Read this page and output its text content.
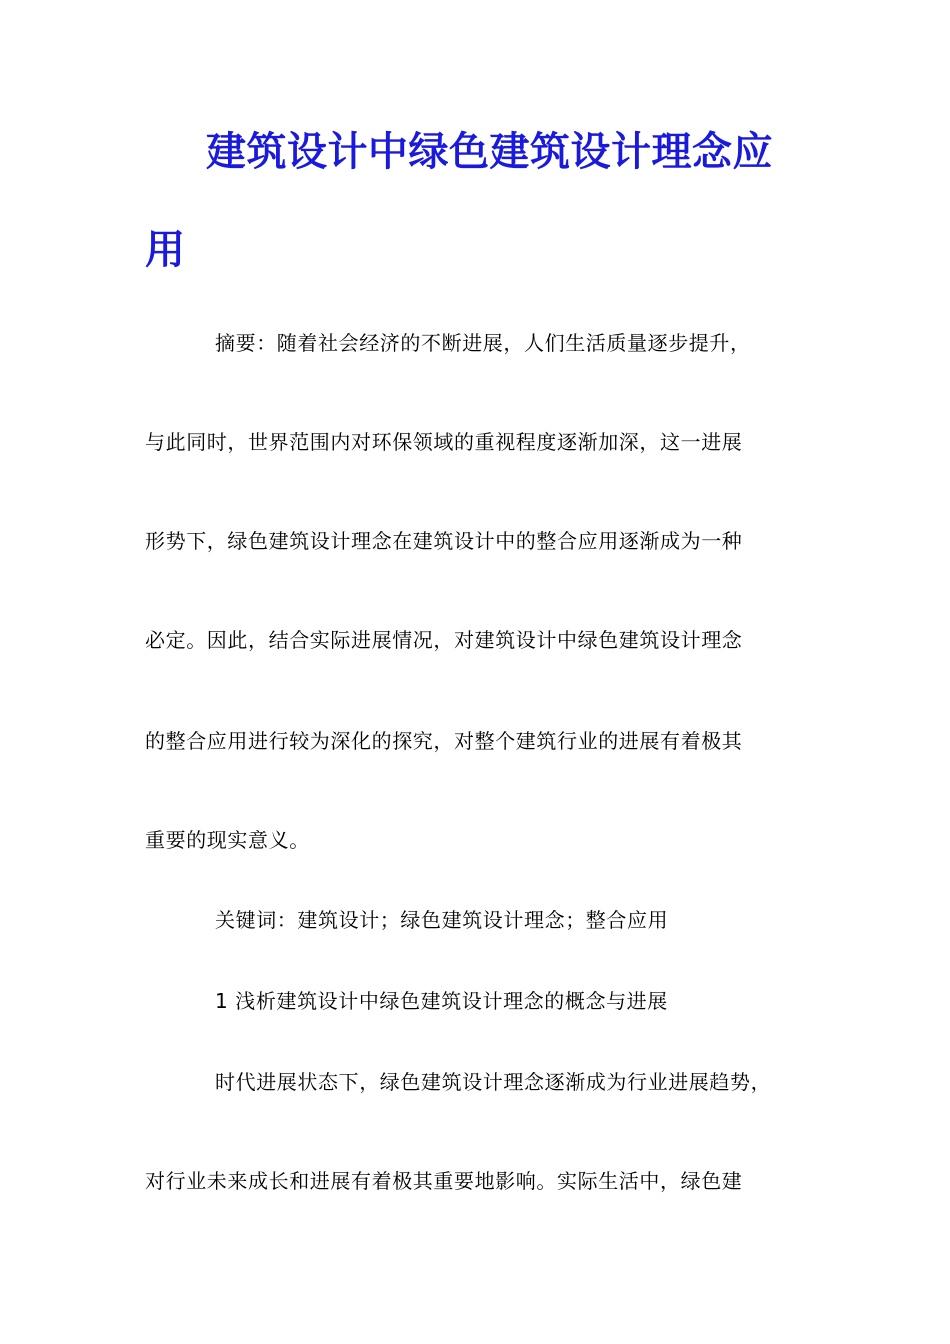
建筑设计中绿色建筑设计理念应
用
摘要：随着社会经济的不断进展，人们生活质量逐步提升，
与此同时，世界范围内对环保领域的重视程度逐渐加深，这一进展
形势下，绿色建筑设计理念在建筑设计中的整合应用逐渐成为一种
必定。因此，结合实际进展情况，对建筑设计中绿色建筑设计理念
的整合应用进行较为深化的探究，对整个建筑行业的进展有着极其
重要的现实意义。
关键词：建筑设计；绿色建筑设计理念；整合应用
1 浅析建筑设计中绿色建筑设计理念的概念与进展
时代进展状态下，绿色建筑设计理念逐渐成为行业进展趋势，
对行业未来成长和进展有着极其重要地影响。实际生活中，绿色建
